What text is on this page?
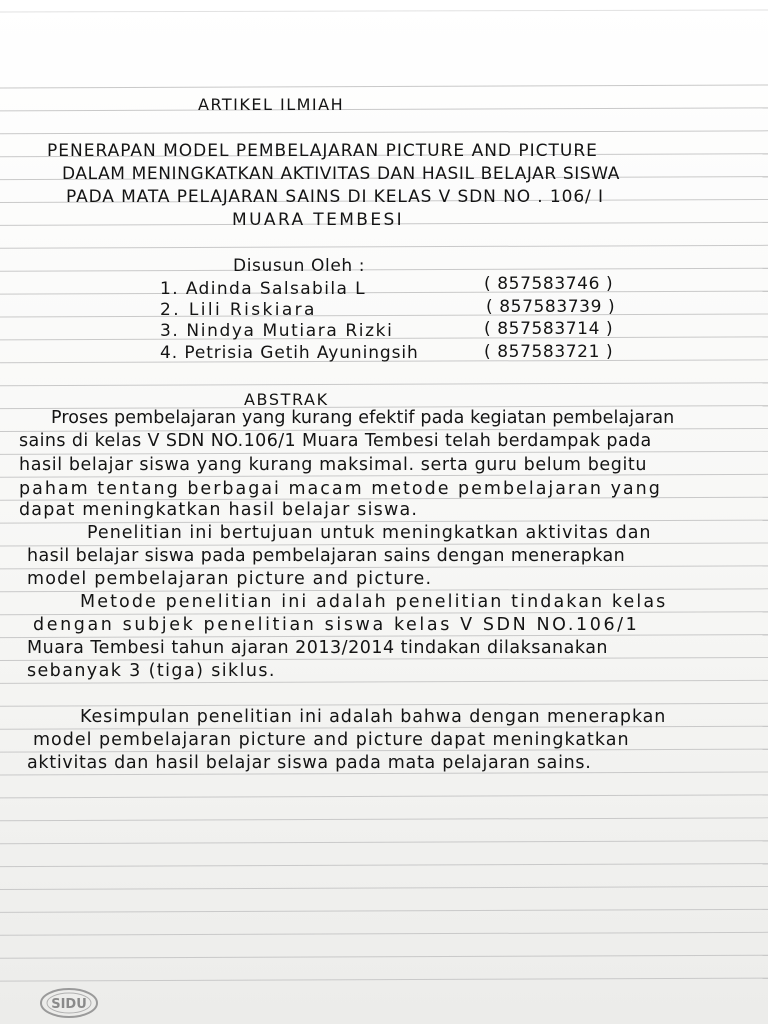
ARTIKEL ILMIAH
PENERAPAN MODEL PEMBELAJARAN PICTURE AND PICTURE
DALAM MENINGKATKAN AKTIVITAS DAN HASIL BELAJAR SISWA
PADA MATA PELAJARAN SAINS DI KELAS V SDN NO . 106/ I
MUARA TEMBESI
Disusun Oleh :
1. Adinda Salsabila L	( 857583746 )
2. Lili Riskiara	( 857583739 )
3. Nindya Mutiara Rizki	( 857583714 )
4. Petrisia Getih Ayuningsih	( 857583721 )
ABSTRAK
Proses pembelajaran yang kurang efektif pada kegiatan pembelajaran
sains di kelas V SDN NO.106/1 Muara Tembesi telah berdampak pada
hasil belajar siswa yang kurang maksimal. serta guru belum begitu
paham tentang berbagai macam metode pembelajaran yang
dapat meningkatkan hasil belajar siswa.
Penelitian ini bertujuan untuk meningkatkan aktivitas dan
hasil belajar siswa pada pembelajaran sains dengan menerapkan
model pembelajaran picture and picture.
Metode penelitian ini adalah penelitian tindakan kelas
dengan subjek penelitian siswa kelas V SDN NO.106/1
Muara Tembesi tahun ajaran 2013/2014 tindakan dilaksanakan
sebanyak 3 (tiga) siklus.
Kesimpulan penelitian ini adalah bahwa dengan menerapkan
model pembelajaran picture and picture dapat meningkatkan
aktivitas dan hasil belajar siswa pada mata pelajaran sains.
SIDU
